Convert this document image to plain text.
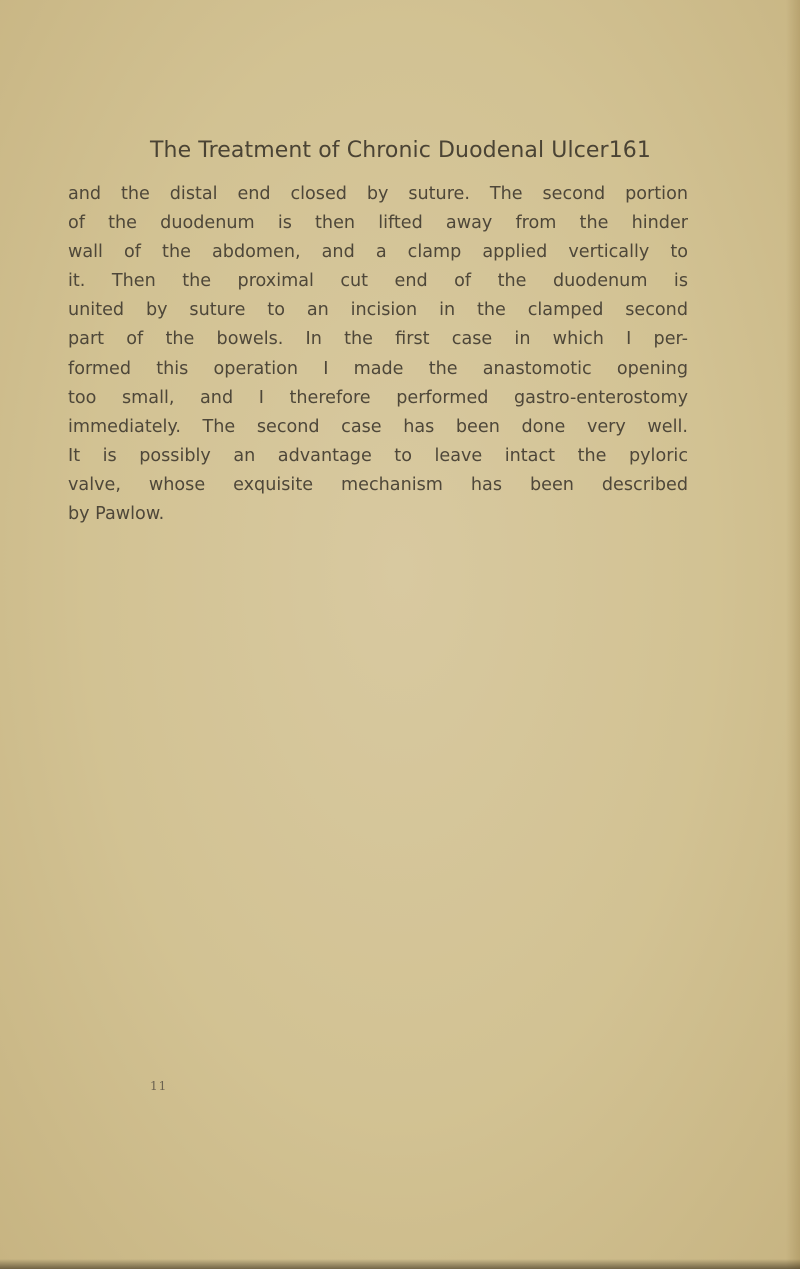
The Treatment of Chronic Duodenal Ulcer 161
and the distal end closed by suture. The second portion
of the duodenum is then lifted away from the hinder
wall of the abdomen, and a clamp applied vertically to
it. Then the proximal cut end of the duodenum is
united by suture to an incision in the clamped second
part of the bowels. In the first case in which I per-
formed this operation I made the anastomotic opening
too small, and I therefore performed gastro-enterostomy
immediately. The second case has been done very well.
It is possibly an advantage to leave intact the pyloric
valve, whose exquisite mechanism has been described
by Pawlow.
11
